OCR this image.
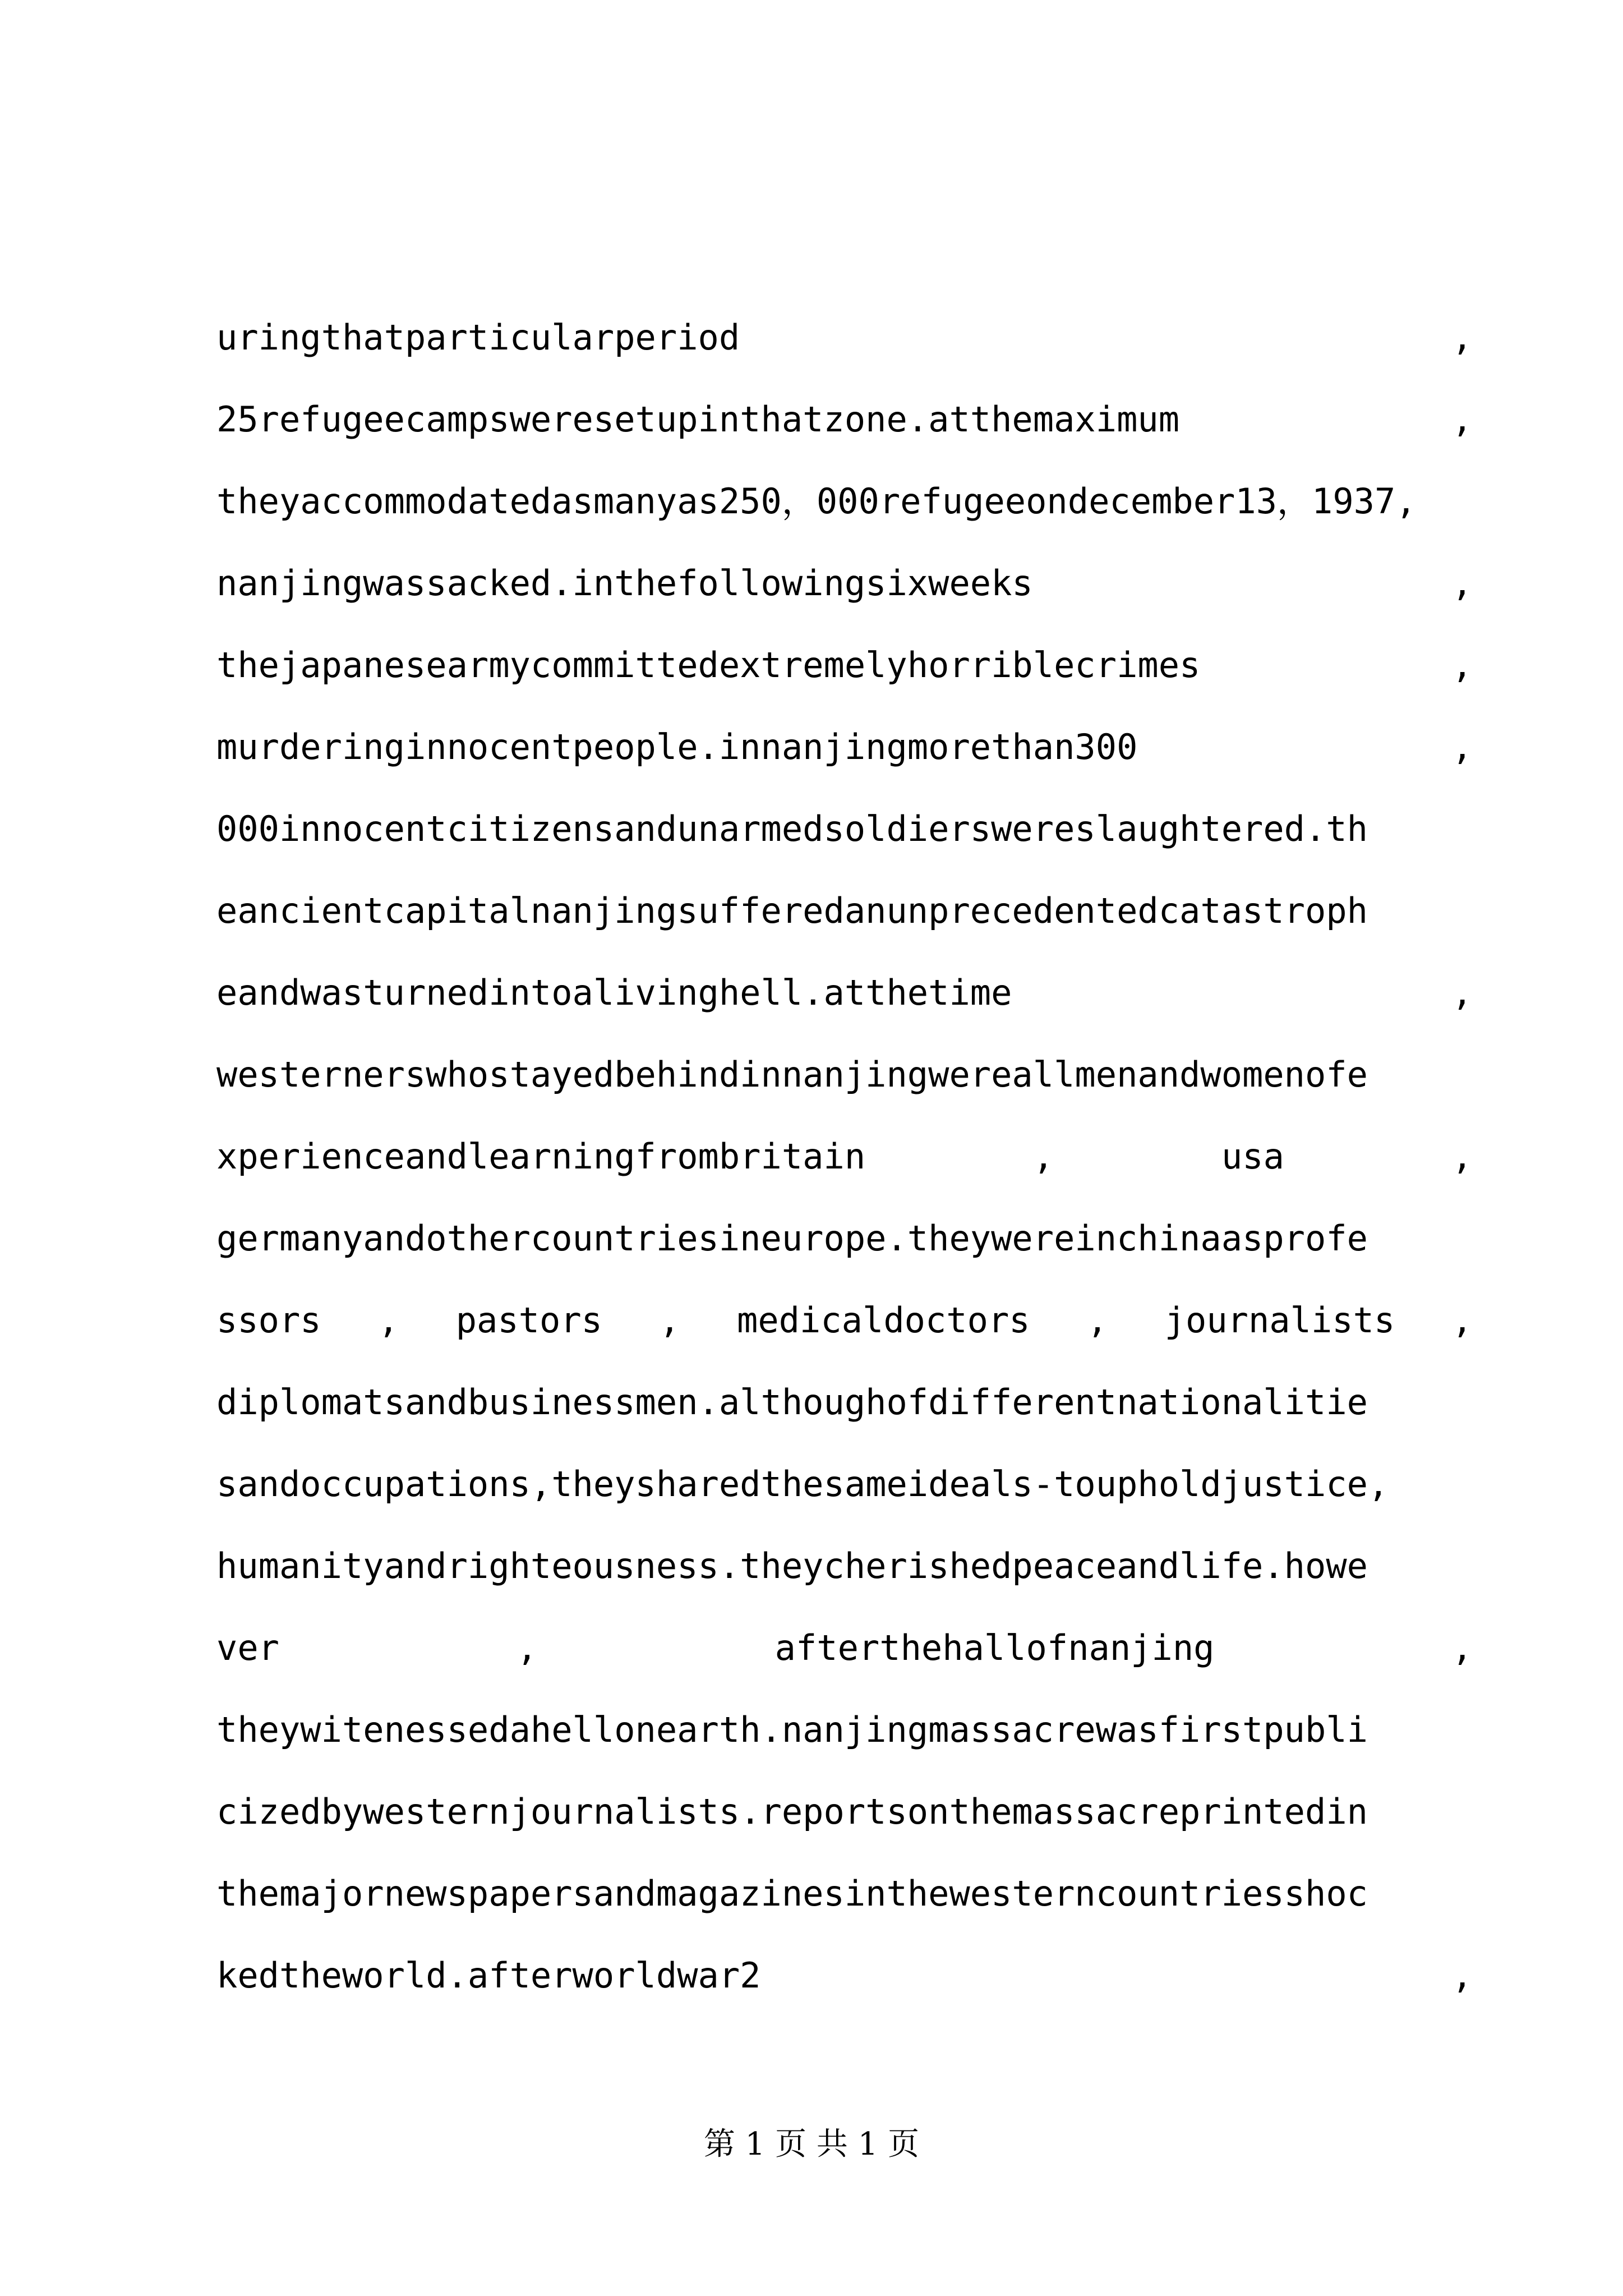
uringthatparticularperiod	,
25refugeecampsweresetupinthatzone.atthemaximum	,
theyaccommodatedasmanyas250，000refugeeondecember13，1937,
nanjingwassacked.inthefollowingsixweeks	,
thejapanesearmycommittedextremelyhorriblecrimes	,
murderinginnocentpeople.innanjingmorethan300	,
000innocentcitizensandunarmedsoldierswereslaughtered.th
eancientcapitalnanjingsufferedanunprecedentedcatastroph
eandwasturnedintoalivinghell.atthetime	,
westernerswhostayedbehindinnanjingwereallmenandwomenofe
xperienceandlearningfrombritain	,	usa	,
germanyandothercountriesineurope.theywereinchinaasprofe
ssors , pastors , medicaldoctors , journalists ,
diplomatsandbusinessmen.althoughofdifferentnationalitie
sandoccupations,theysharedthesameideals-toupholdjustice,
humanityandrighteousness.theycherishedpeaceandlife.howe
ver	,	afterthehallofnanjing	,
theywitenessedahellonearth.nanjingmassacrewasfirstpubli
cizedbywesternjournalists.reportsonthemassacreprintedin
themajornewspapersandmagazinesinthewesterncountriesshoc
kedtheworld.afterworldwar2	,
第 1 页 共 1 页
